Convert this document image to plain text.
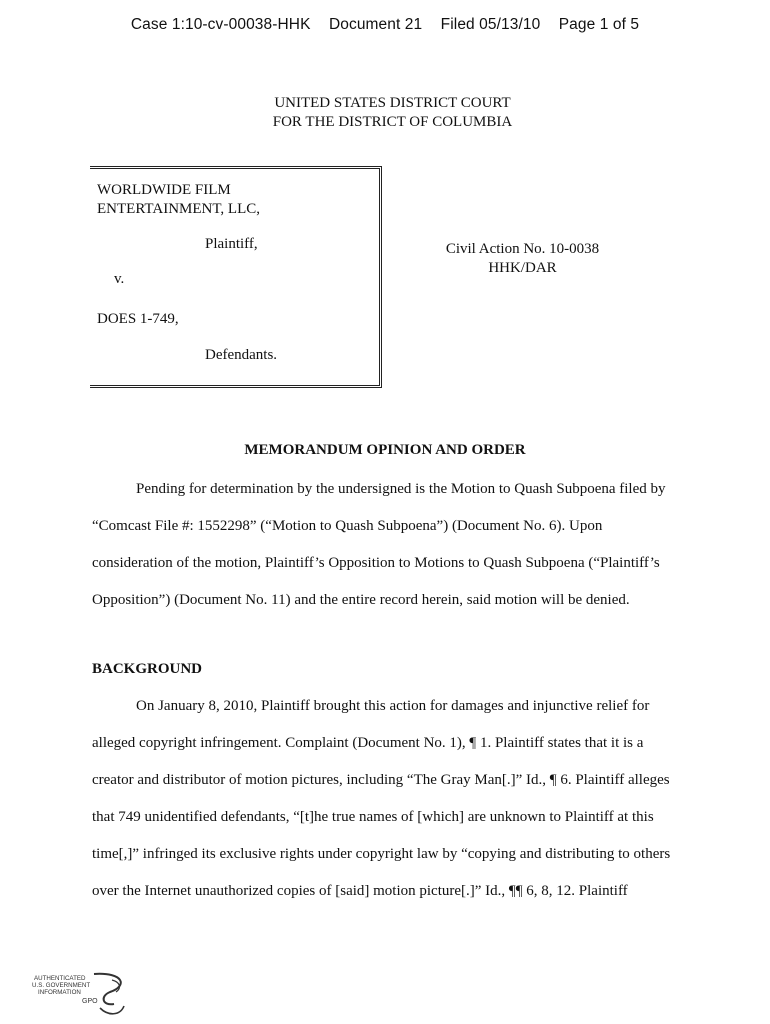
Case 1:10-cv-00038-HHK Document 21 Filed 05/13/10 Page 1 of 5
UNITED STATES DISTRICT COURT
FOR THE DISTRICT OF COLUMBIA
WORLDWIDE FILM
ENTERTAINMENT, LLC,
Plaintiff,
v.
DOES 1-749,
Defendants.
Civil Action No. 10-0038
HHK/DAR
MEMORANDUM OPINION AND ORDER

Pending for determination by the undersigned is the Motion to Quash Subpoena filed by
“Comcast File #: 1552298” (“Motion to Quash Subpoena”) (Document No. 6). Upon
consideration of the motion, Plaintiff’s Opposition to Motions to Quash Subpoena (“Plaintiff’s
Opposition”) (Document No. 11) and the entire record herein, said motion will be denied.

BACKGROUND

On January 8, 2010, Plaintiff brought this action for damages and injunctive relief for
alleged copyright infringement. Complaint (Document No. 1), ¶ 1. Plaintiff states that it is a
creator and distributor of motion pictures, including “The Gray Man[.]” Id., ¶ 6. Plaintiff alleges
that 749 unidentified defendants, “[t]he true names of [which] are unknown to Plaintiff at this
time[,]” infringed its exclusive rights under copyright law by “copying and distributing to others
over the Internet unauthorized copies of [said] motion picture[.]” Id., ¶¶ 6, 8, 12. Plaintiff

AUTHENTICATED
U.S. GOVERNMENT
INFORMATION
GPO
